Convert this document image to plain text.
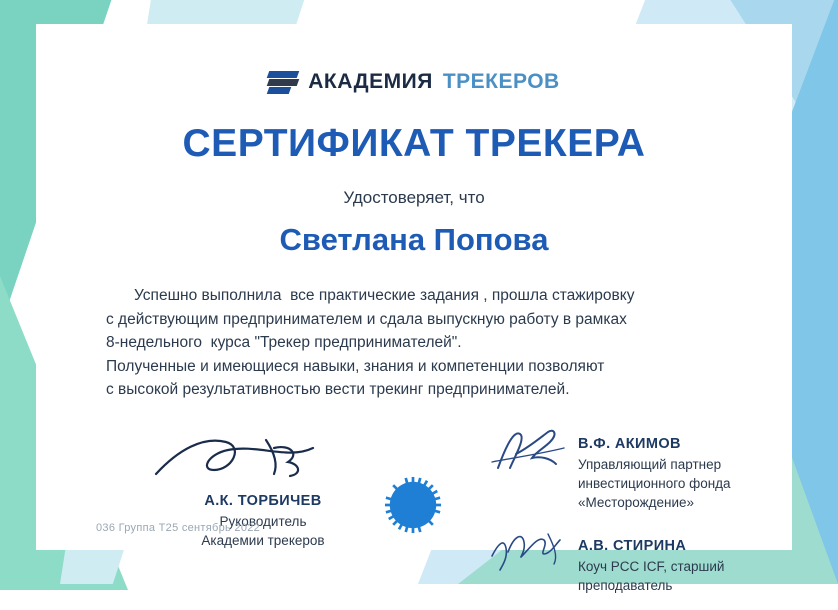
АКАДЕМИЯ ТРЕКЕРОВ
СЕРТИФИКАТ ТРЕКЕРА
Удостоверяет, что
Светлана Попова
Успешно выполнила  все практические задания , прошла стажировку
с действующим предпринимателем и сдала выпускную работу в рамках
8-недельного  курса "Трекер предпринимателей".
Полученные и имеющиеся навыки, знания и компетенции позволяют
с высокой результативностью вести трекинг предпринимателей.
А.К. ТОРБИЧЕВ
Руководитель
Академии трекеров
В.Ф. АКИМОВ
Управляющий партнер
инвестиционного фонда
«Месторождение»
А.В. СТИРИНА
Коуч PCC ICF, старший
преподаватель
036 Группа Т25 сентябрь 2022
